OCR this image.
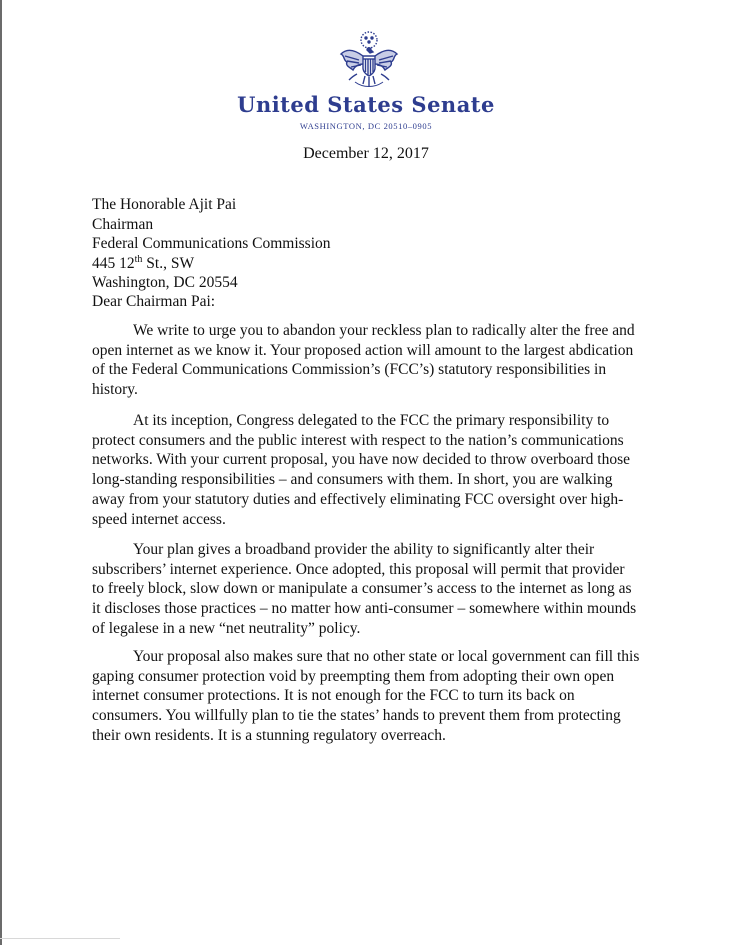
United States Senate
WASHINGTON, DC 20510–0905
December 12, 2017
The Honorable Ajit Pai
Chairman
Federal Communications Commission
445 12th St., SW
Washington, DC 20554
Dear Chairman Pai:

We write to urge you to abandon your reckless plan to radically alter the free and open internet as we know it. Your proposed action will amount to the largest abdication of the Federal Communications Commission’s (FCC’s) statutory responsibilities in history.

At its inception, Congress delegated to the FCC the primary responsibility to protect consumers and the public interest with respect to the nation’s communications networks. With your current proposal, you have now decided to throw overboard those long-standing responsibilities – and consumers with them. In short, you are walking away from your statutory duties and effectively eliminating FCC oversight over high-speed internet access.

Your plan gives a broadband provider the ability to significantly alter their subscribers’ internet experience. Once adopted, this proposal will permit that provider to freely block, slow down or manipulate a consumer’s access to the internet as long as it discloses those practices – no matter how anti-consumer – somewhere within mounds of legalese in a new “net neutrality” policy.

Your proposal also makes sure that no other state or local government can fill this gaping consumer protection void by preempting them from adopting their own open internet consumer protections. It is not enough for the FCC to turn its back on consumers. You willfully plan to tie the states’ hands to prevent them from protecting their own residents. It is a stunning regulatory overreach.
